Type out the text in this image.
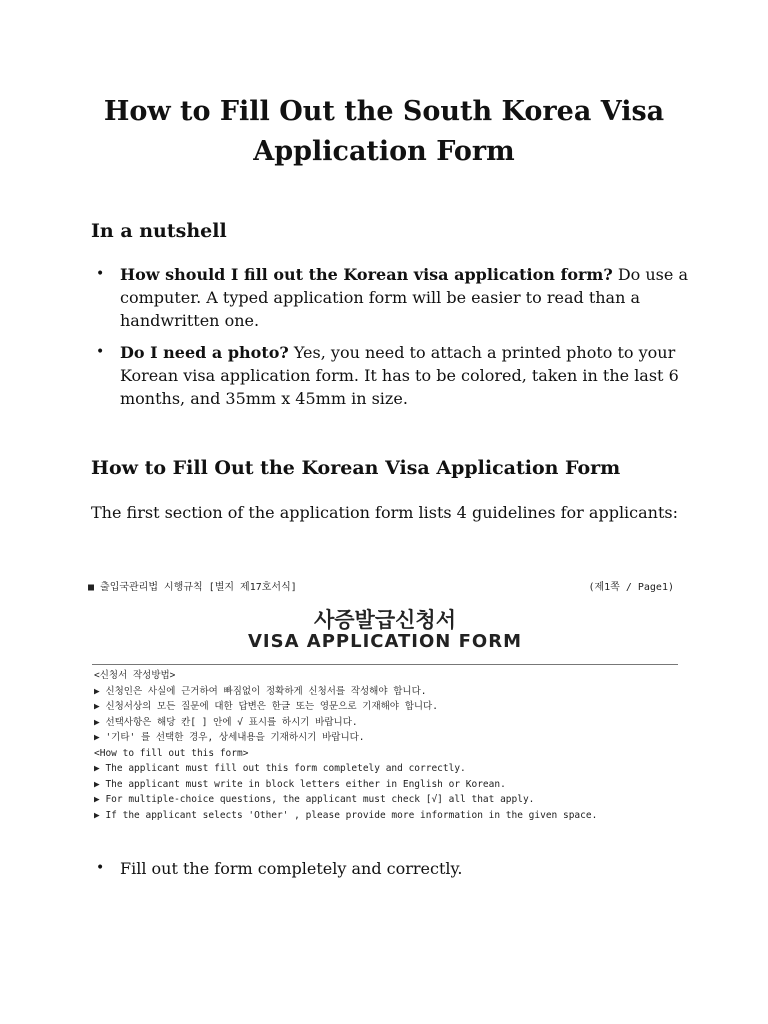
How to Fill Out the South Korea Visa
Application Form
In a nutshell
• How should I fill out the Korean visa application form? Do use a computer. A typed application form will be easier to read than a handwritten one.
• Do I need a photo? Yes, you need to attach a printed photo to your Korean visa application form. It has to be colored, taken in the last 6 months, and 35mm x 45mm in size.
How to Fill Out the Korean Visa Application Form

The first section of the application form lists 4 guidelines for applicants:

■ 출입국관리법 시행규칙 [별지 제17호서식]	(제1쪽 / Page1)
사증발급신청서
VISA APPLICATION FORM
<신청서 작성방법>
▶ 신청인은 사실에 근거하여 빠짐없이 정확하게 신청서를 작성해야 합니다.
▶ 신청서상의 모든 질문에 대한 답변은 한글 또는 영문으로 기재해야 합니다.
▶ 선택사항은 해당 칸[ ] 안에 √ 표시를 하시기 바랍니다.
▶ '기타' 를 선택한 경우, 상세내용을 기재하시기 바랍니다.
<How to fill out this form>
▶ The applicant must fill out this form completely and correctly.
▶ The applicant must write in block letters either in English or Korean.
▶ For multiple-choice questions, the applicant must check [√] all that apply.
▶ If the applicant selects 'Other' , please provide more information in the given space.
• Fill out the form completely and correctly.
